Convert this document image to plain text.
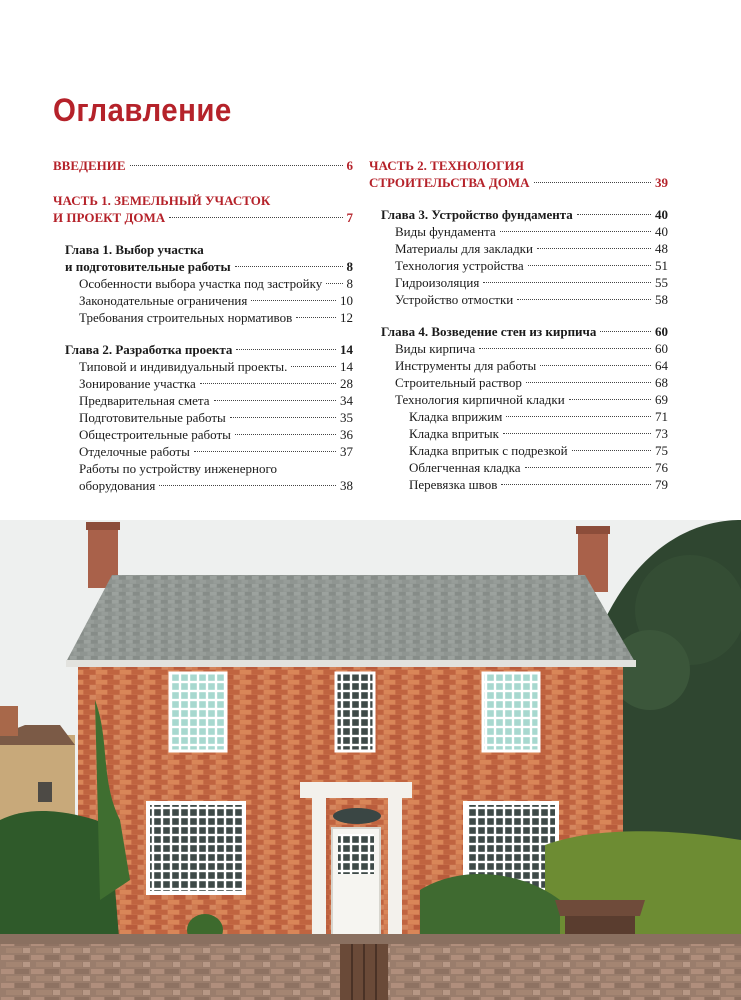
Оглавление
ВВЕДЕНИЕ	6
ЧАСТЬ 1. ЗЕМЕЛЬНЫЙ УЧАСТОК
И ПРОЕКТ ДОМА	7
Глава 1. Выбор участка
и подготовительные работы	8
Особенности выбора участка под застройку 8
Законодательные ограничения	10
Требования строительных нормативов	12
Глава 2. Разработка проекта	14
Типовой и индивидуальный проекты.	14
Зонирование участка	28
Предварительная смета	34
Подготовительные работы	35
Общестроительные работы	36
Отделочные работы	37
Работы по устройству инженерного
оборудования	38
ЧАСТЬ 2. ТЕХНОЛОГИЯ
СТРОИТЕЛЬСТВА ДОМА	39
Глава 3. Устройство фундамента	40
Виды фундамента	40
Материалы для закладки	48
Технология устройства	51
Гидроизоляция	55
Устройство отмостки	58
Глава 4. Возведение стен из кирпича	60
Виды кирпича	60
Инструменты для работы	64
Строительный раствор	68
Технология кирпичной кладки	69
Кладка вприжим	71
Кладка впритык	73
Кладка впритык с подрезкой	75
Облегченная кладка	76
Перевязка швов	79
